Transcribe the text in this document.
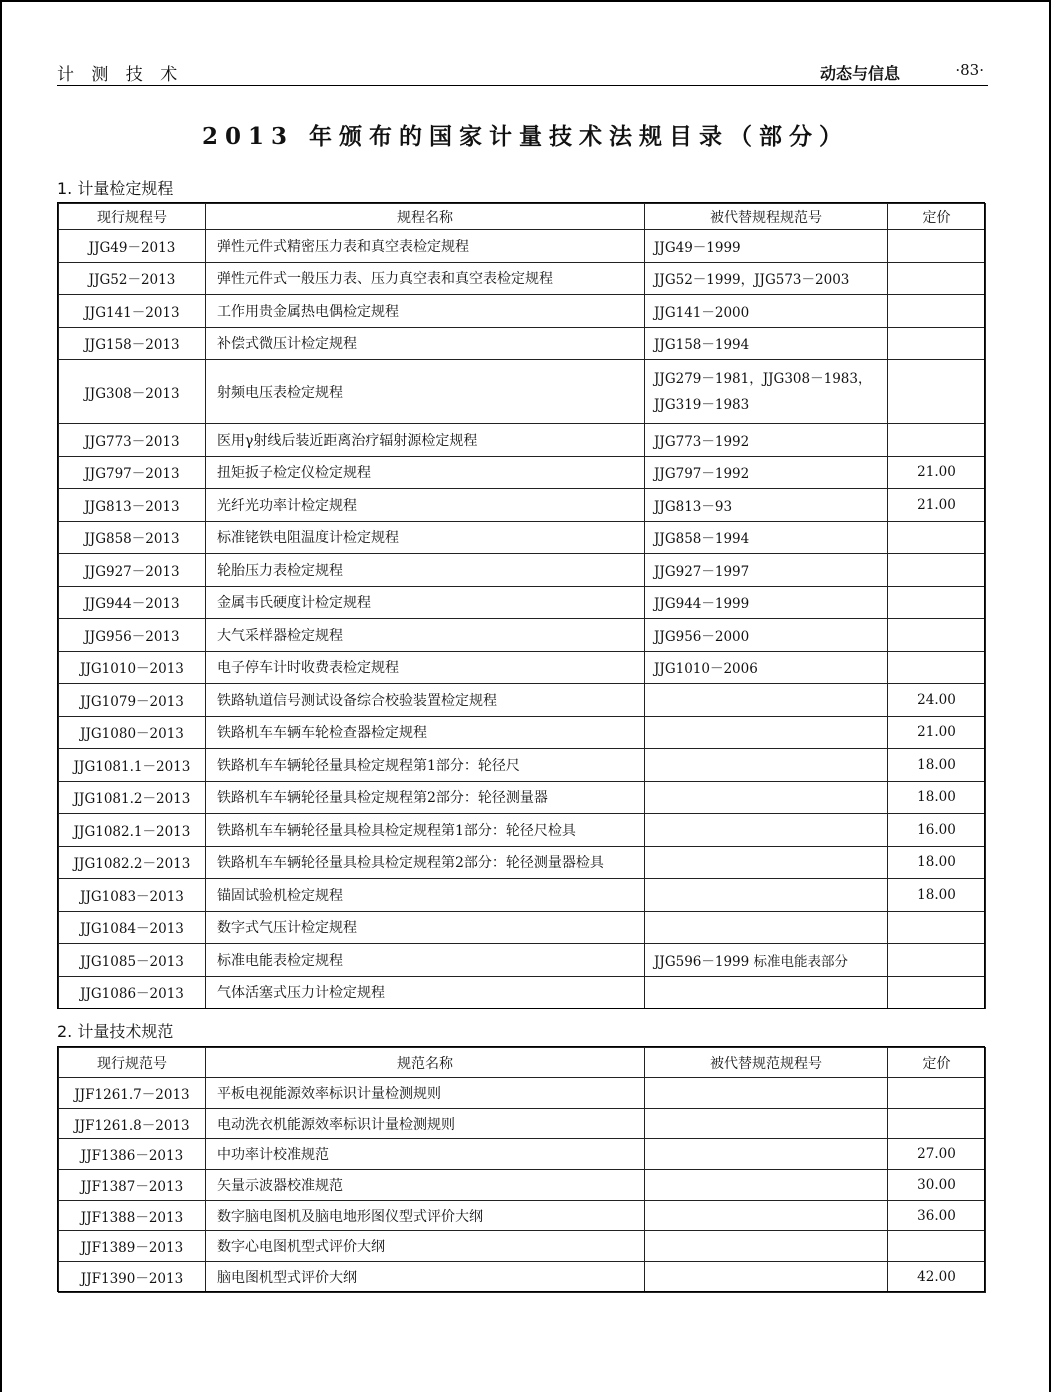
计 测 技 术	动态与信息	·83·
2013 年颁布的国家计量技术法规目录（部分）
1. 计量检定规程
现行规程号	规程名称	被代替规程规范号	定价
JJG49－2013	弹性元件式精密压力表和真空表检定规程	JJG49－1999	
JJG52－2013	弹性元件式一般压力表、压力真空表和真空表检定规程	JJG52－1999，JJG573－2003	
JJG141－2013	工作用贵金属热电偶检定规程	JJG141－2000	
JJG158－2013	补偿式微压计检定规程	JJG158－1994	
JJG308－2013	射频电压表检定规程	JJG279－1981，JJG308－1983，JJG319－1983	
JJG773－2013	医用γ射线后装近距离治疗辐射源检定规程	JJG773－1992	
JJG797－2013	扭矩扳子检定仪检定规程	JJG797－1992	21.00
JJG813－2013	光纤光功率计检定规程	JJG813－93	21.00
JJG858－2013	标准铑铁电阻温度计检定规程	JJG858－1994	
JJG927－2013	轮胎压力表检定规程	JJG927－1997	
JJG944－2013	金属韦氏硬度计检定规程	JJG944－1999	
JJG956－2013	大气采样器检定规程	JJG956－2000	
JJG1010－2013	电子停车计时收费表检定规程	JJG1010－2006	
JJG1079－2013	铁路轨道信号测试设备综合校验装置检定规程		24.00
JJG1080－2013	铁路机车车辆车轮检查器检定规程		21.00
JJG1081.1－2013	铁路机车车辆轮径量具检定规程第1部分：轮径尺		18.00
JJG1081.2－2013	铁路机车车辆轮径量具检定规程第2部分：轮径测量器		18.00
JJG1082.1－2013	铁路机车车辆轮径量具检具检定规程第1部分：轮径尺检具		16.00
JJG1082.2－2013	铁路机车车辆轮径量具检具检定规程第2部分：轮径测量器检具		18.00
JJG1083－2013	锚固试验机检定规程		18.00
JJG1084－2013	数字式气压计检定规程		
JJG1085－2013	标准电能表检定规程	JJG596－1999 标准电能表部分	
JJG1086－2013	气体活塞式压力计检定规程		
2. 计量技术规范
现行规范号	规范名称	被代替规范规程号	定价
JJF1261.7－2013	平板电视能源效率标识计量检测规则		
JJF1261.8－2013	电动洗衣机能源效率标识计量检测规则		
JJF1386－2013	中功率计校准规范		27.00
JJF1387－2013	矢量示波器校准规范		30.00
JJF1388－2013	数字脑电图机及脑电地形图仪型式评价大纲		36.00
JJF1389－2013	数字心电图机型式评价大纲		
JJF1390－2013	脑电图机型式评价大纲		42.00
